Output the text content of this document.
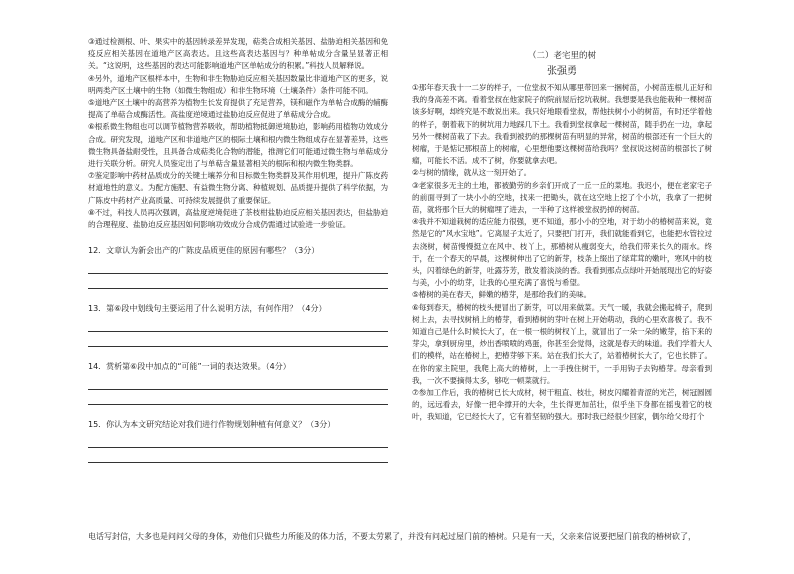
③通过检测根、叶、果实中的基因转录差异发现，萜类合成相关基因、盐胁迫相关基因和免疫反应相关基因在道地产区高表达。且这些高表达基因与？种单帖成分含量呈显著正相关。“这说明，这些基因的表达可能影响道地产区单帖成分的积累。”科技人员解释说。

④另外，道地产区根样本中，生物和非生物胁迫反应相关基因数量比非道地产区的更多，说明两类产区土壤中的生物（如微生物组成）和非生物环境（土壤条件）条件可能不同。

⑤道地产区土壤中的高营养为植物生长发育提供了充足营养，镁和磁作为单帖合成酶的辅酶提高了单萜合成酶活性。高盐度逆境通过盐胁迫反应促进了单萜成分合成。

⑥根系微生物组也可以调节植物营养吸收，帮助植物抵御逆境胁迫，影响药用植物功效成分合成。研究发现，道地产区和非道地产区的根际土壤和根内微生物组成存在显著差异，这些微生物具备盐耐受性，且具备合成萜类化合物的潜能，推测它们可能通过微生物与单萜成分进行关联分析。研究人员鉴定出了与单萜含量显著相关的根际和根内微生物类群。

⑦鉴定影响中药材品质成分的关键土壤养分和目标微生物类群及其作用机理，提升广陈皮药材道地性的意义。为配方施肥、有益微生物分离、种植规划、品质提升提供了科学依据，为广陈皮中药材产业高质量、可持续发展提供了重要保证。

⑧不过，科技人员再次强调，高盐度逆境促进了茶枝柑盐胁迫反应相关基因表达，但盐胁迫的合理程度、盐胁迫反应基因如何影响功效成分合成仍需通过试验进一步验证。

12．文章认为新会出产的广陈皮品质更佳的原因有哪些？（3分）

13．第⑥段中划线句主要运用了什么说明方法，有何作用？（4分）

14．赏析第⑥段中加点的“可能”一词的表达效果。（4分）

15．你认为本文研究结论对我们进行作物规划种植有何意义？（3分）

（二）老宅里的树
张强勇

①那年春天我十一二岁的样子，一位堂叔不知从哪里带回来一捆树苗，小树苗连根儿正好和我的身高差不离。看着堂叔在他家院子的院前屋后挖坑栽树。我想要是我也能栽种一棵树苗该多好啊，却终究是不敢说出来。我只好地眼看堂叔，帮他扶树小小的树苗，有时还学着他的样子，朝着栽下的树坑用力地踩几下土。我看到堂叔拿起一棵树苗，随手扔在一边，拿起另外一棵树苗栽了下去。我看到被扔的那棵树苗有明显的异常，树苗的根部还有一个巨大的树瘤，于是惦记那根苗上的树瘤，心里想他要这棵树苗给我吗？堂叔说这树苗的根部长了树瘤，可能长不活。成不了树，你要就拿去吧。

②与树的情缘，就从这一刻开始了。

③老家很多无主的土地，都被勤劳的乡亲们开成了一丘一丘的菜地。我迟小，便在老家宅子的前面寻到了一块小小的空地，找来一把锄头，就在这空地上挖了个小坑，我拿了一把树苗，就将那个巨大的树瘤埋了进去，一半种了这样被堂叔扔掉的树苗。

④我并不知道栽树的适应能力很强，更不知道，那小小的空地，对于幼小的椿树苗来说，竟然是它的“风水宝地”。它离屋子太近了，只要把门打开，我们就能看到它，也能把水管拉过去浇树，树苗慢慢挺立在风中、枝丫上，那椿树从瘦弱变大，给我们带来长久的雨水。终于，在一个春天的早晨，这棵树伸出了它的新芽，枝条上缀出了绿茸茸的嫩叶，寒风中的枝头，闪着绿色的新芽，吐露芬芳，散发着淡淡的香。我看到那点点绿叶开始展现出它的好姿与美，小小的幼芽，让我的心里充满了喜悦与希望。

⑤椿树的美在春天，鲜嫩的椿芽，是那给我们的美味。

⑥每到春天，椿树的枝头便冒出了新芽，可以用来做菜。天气一暖，我就会搬起椅子，爬到树上去，去寻找树梢上的椿芽，看到椿树的芽叶在树上开始萌动，我的心里欢喜极了。我不知道自己是什么时候长大了，在一根一根的树杈丫上，就冒出了一朵一朵的嫩芽，掐下来的芽尖，拿到厨房里，炒出香喷喷的鸡蛋，你甚至会觉得，这就是春天的味道。我们学着大人们的模样，站在椿树上，把椿芽够下来。站在我们长大了，站着椿树长大了，它也长胖了。在你的家主院里，我爬上高大的椿树，上一手拽住树干，一手用钩子去钩椿芽。母亲看到我，一次不要摘得太多，够吃一顿菜就行。

⑦参加工作后，我的椿树已长大成材，树干粗直、枝壮，树皮闪耀着青涩的光芒，树冠圆圆的，远远看去，好像一把伞撑开的大伞，生长得更加茁壮，似乎坐下身都在摇曳着它的枝叶，我知道，它已经长大了，它有着坚韧的强大。那时我已经很少回家，偶尔给父母打个

电话写封信，大多也是问问父母的身体，劝他们只做些力所能及的体力活，不要太劳累了，并没有问起过屋门前的椿树。只是有一天，父亲来信说要把屋门前我的椿树砍了，
